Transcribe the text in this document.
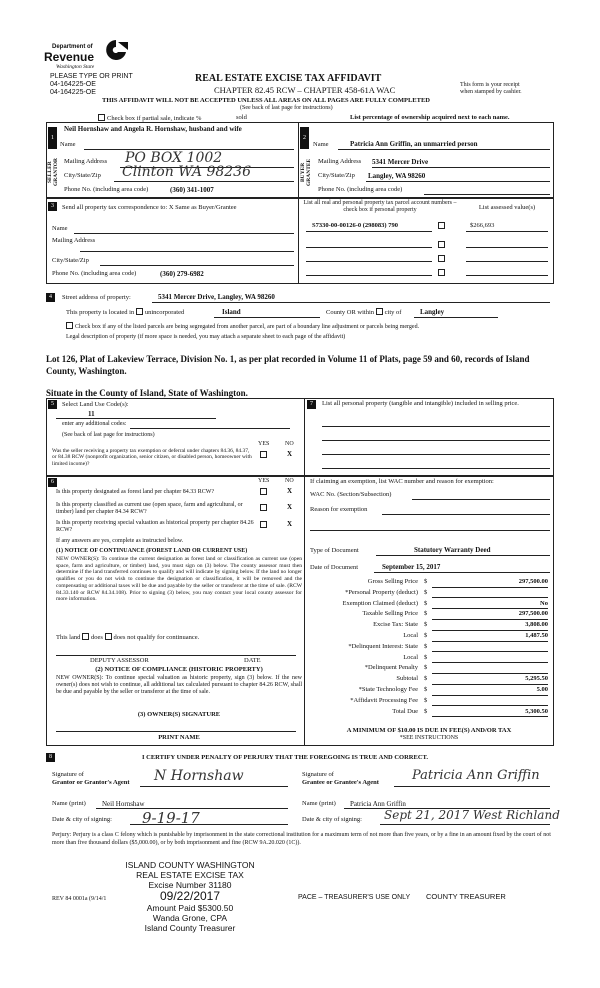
Department of
Revenue
Washington State
PLEASE TYPE OR PRINT
04-164225-OE
04-164225-OE
REAL ESTATE EXCISE TAX AFFIDAVIT
CHAPTER 82.45 RCW – CHAPTER 458-61A WAC	This form is your receipt
when stamped by cashier.
THIS AFFIDAVIT WILL NOT BE ACCEPTED UNLESS ALL AREAS ON ALL PAGES ARE FULLY COMPLETED
(See back of last page for instructions)
Check box if partial sale, indicate %	sold	List percentage of ownership acquired next to each name.
1
SELLER GRANTOR
Neil Hornshaw and Angela R. Hornshaw, husband and wife
Name
Mailing Address PO BOX 1002
City/State/Zip Clinton WA 98236
Phone No. (including area code)	(360) 341-1007
2
BUYER GRANTEE
Name	Patricia Ann Griffin, an unmarried person
Mailing Address 5341 Mercer Drive
City/State/Zip Langley, WA 98260
Phone No. (including area code)
3	Send all property tax correspondence to: X Same as Buyer/Grantee
List all real and personal property tax parcel account numbers – check box if personal property	List assessed value(s)
Name
Mailing Address
City/State/Zip
Phone No. (including area code)	(360) 279-6982
S7330-00-00126-0 (298083) 790	$266,693
4	Street address of property:	5341 Mercer Drive, Langley, WA 98260
This property is located in unincorporated	Island	County OR within city of	Langley
Check box if any of the listed parcels are being segregated from another parcel, are part of a boundary line adjustment or parcels being merged.
Legal description of property (if more space is needed, you may attach a separate sheet to each page of the affidavit)
Lot 126, Plat of Lakeview Terrace, Division No. 1, as per plat recorded in Volume 11 of Plats, page 59 and 60, records of Island County, Washington.
Situate in the County of Island, State of Washington.
5	Select Land Use Code(s):
11
enter any additional codes:
(See back of last page for instructions)
YES	NO
Was the seller receiving a property tax exemption or deferral under chapters 84.36, 84.37, or 84.38 RCW (nonprofit organization, senior citizen, or disabled person, homeowner with limited income)?
X
7	List all personal property (tangible and intangible) included in selling price.
6	YES	NO
Is this property designated as forest land per chapter 84.33 RCW?	X
Is this property classified as current use (open space, farm and agricultural, or timber) land per chapter 84.34 RCW?
X
Is this property receiving special valuation as historical property per chapter 84.26 RCW?
X
If any answers are yes, complete as instructed below.
(1) NOTICE OF CONTINUANCE (FOREST LAND OR CURRENT USE)
NEW OWNER(S): To continue the current designation as forest land or classification as current use (open space, farm and agriculture, or timber) land, you must sign on (3) below. The county assessor must then determine if the land transferred continues to qualify and will indicate by signing below. If the land no longer qualifies or you do not wish to continue the designation or classification, it will be removed and the compensating or additional taxes will be due and payable by the seller or transferor at the time of sale. (RCW 84.33.140 or RCW 84.34.108). Prior to signing (3) below, you may contact your local county assessor for more information.
This land does does not qualify for continuance.
DEPUTY ASSESSOR	DATE
(2) NOTICE OF COMPLIANCE (HISTORIC PROPERTY)
NEW OWNER(S): To continue special valuation as historic property, sign (3) below. If the new owner(s) does not wish to continue, all additional tax calculated pursuant to chapter 84.26 RCW, shall be due and payable by the seller or transferor at the time of sale.
(3) OWNER(S) SIGNATURE
PRINT NAME
If claiming an exemption, list WAC number and reason for exemption:
WAC No. (Section/Subsection)
Reason for exemption
Type of Document	Statutory Warranty Deed
Date of Document	September 15, 2017
Gross Selling Price $	297,500.00
*Personal Property (deduct) $
Exemption Claimed (deduct) $	No
Taxable Selling Price $	297,500.00
Excise Tax: State $	3,808.00
Local $	1,487.50
*Delinquent Interest: State $
Local $
*Delinquent Penalty $
Subtotal $	5,295.50
*State Technology Fee $	5.00
*Affidavit Processing Fee $
Total Due $	5,300.50
A MINIMUM OF $10.00 IS DUE IN FEE(S) AND/OR TAX
*SEE INSTRUCTIONS
8	I CERTIFY UNDER PENALTY OF PERJURY THAT THE FOREGOING IS TRUE AND CORRECT.
Signature of
Grantor or Grantor's Agent N Hornshaw	Signature of
Grantee or Grantee's Agent	Patricia Ann Griffin
Name (print) Neil Hornshaw	Name (print) Patricia Ann Griffin
Date & city of signing: 9-19-17	Date & city of signing: Sept 21, 2017 West Richland
Perjury: Perjury is a class C felony which is punishable by imprisonment in the state correctional institution for a maximum term of not more than five years, or by a fine in an amount fixed by the court of not more than five thousand dollars ($5,000.00), or by both imprisonment and fine (RCW 9A.20.020 (1C)).
ISLAND COUNTY WASHINGTON
REAL ESTATE EXCISE TAX
Excise Number 31180
09/22/2017
Amount Paid $5300.50
Wanda Grone, CPA
Island County Treasurer
REV 84 0001a (9/14/1	PACE – TREASURER'S USE ONLY COUNTY TREASURER
